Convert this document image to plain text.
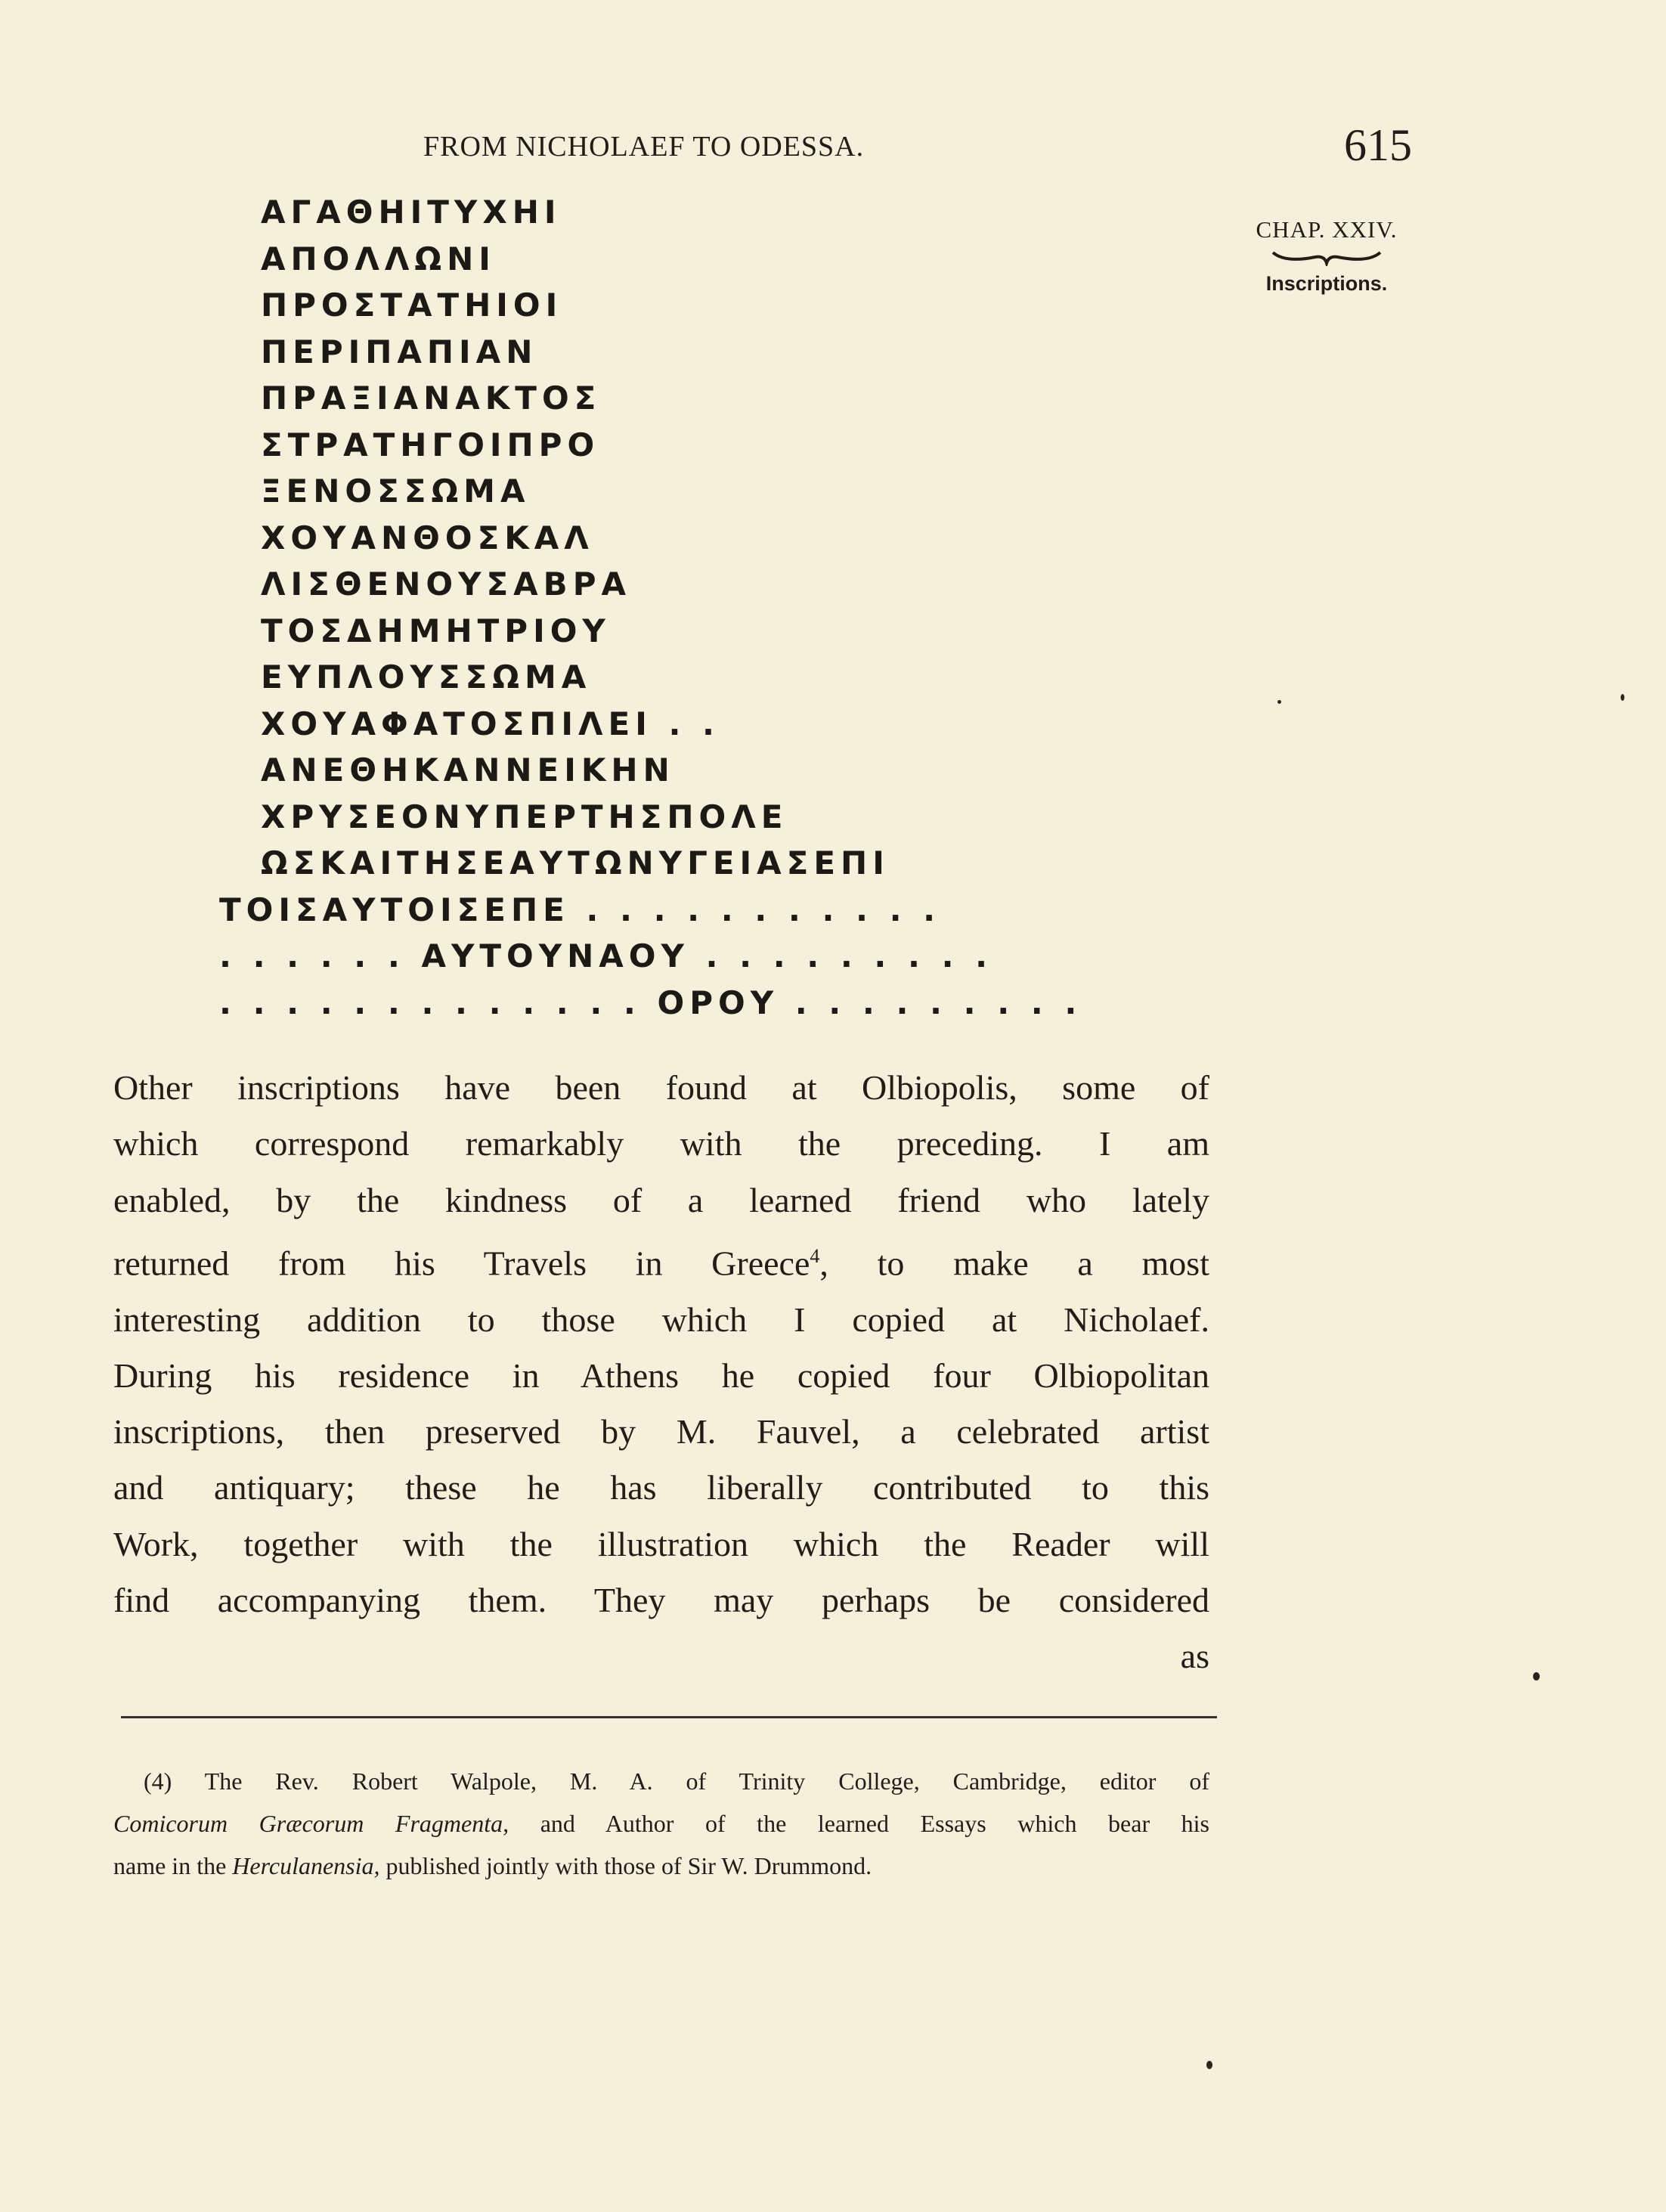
FROM NICHOLAEF TO ODESSA.	615
CHAP. XXIV.
Inscriptions.
ΑΓΑΘΗΙΤΥΧΗΙ
ΑΠΟΛΛΩΝΙ
ΠΡΟΣΤΑΤΗΙΟΙ
ΠΕΡΙΠΑΠΙΑΝ
ΠΡΑΞΙΑΝΑΚΤΟΣ
ΣΤΡΑΤΗΓΟΙΠΡΟ
ΞΕΝΟΣΣΩΜΑ
ΧΟΥΑΝΘΟΣΚΑΛ
ΛΙΣΘΕΝΟΥΣΑΒΡΑ
ΤΟΣΔΗΜΗΤΡΙΟΥ
ΕΥΠΛΟΥΣΣΩΜΑ
ΧΟΥΑΦΑΤΟΣΠΙΛΕΙ . .
ΑΝΕΘΗΚΑΝΝΕΙΚΗΝ
ΧΡΥΣΕΟΝΥΠΕΡΤΗΣΠΟΛΕ
ΩΣΚΑΙΤΗΣΕΑΥΤΩΝΥΓΕΙΑΣΕΠΙ
ΤΟΙΣΑΥΤΟΙΣΕΠΕ . . . . . . . . . . .
. . . . . . ΑΥΤΟΥΝΑΟΥ . . . . . . . . .
. . . . . . . . . . . . . ΟΡΟΥ . . . . . . . . .
Other inscriptions have been found at Olbiopolis, some of
which correspond remarkably with the preceding. I am
enabled, by the kindness of a learned friend who lately
returned from his Travels in Greece$^4$, to make a most
interesting addition to those which I copied at Nicholaef.
During his residence in Athens he copied four Olbiopolitan
inscriptions, then preserved by M. Fauvel, a celebrated artist
and antiquary; these he has liberally contributed to this
Work, together with the illustration which the Reader will
find accompanying them. They may perhaps be considered
as
(4) The Rev. Robert Walpole, M. A. of Trinity College, Cambridge, editor of
Comicorum Græcorum Fragmenta, and Author of the learned Essays which bear his
name in the Herculanensia, published jointly with those of Sir W. Drummond.
